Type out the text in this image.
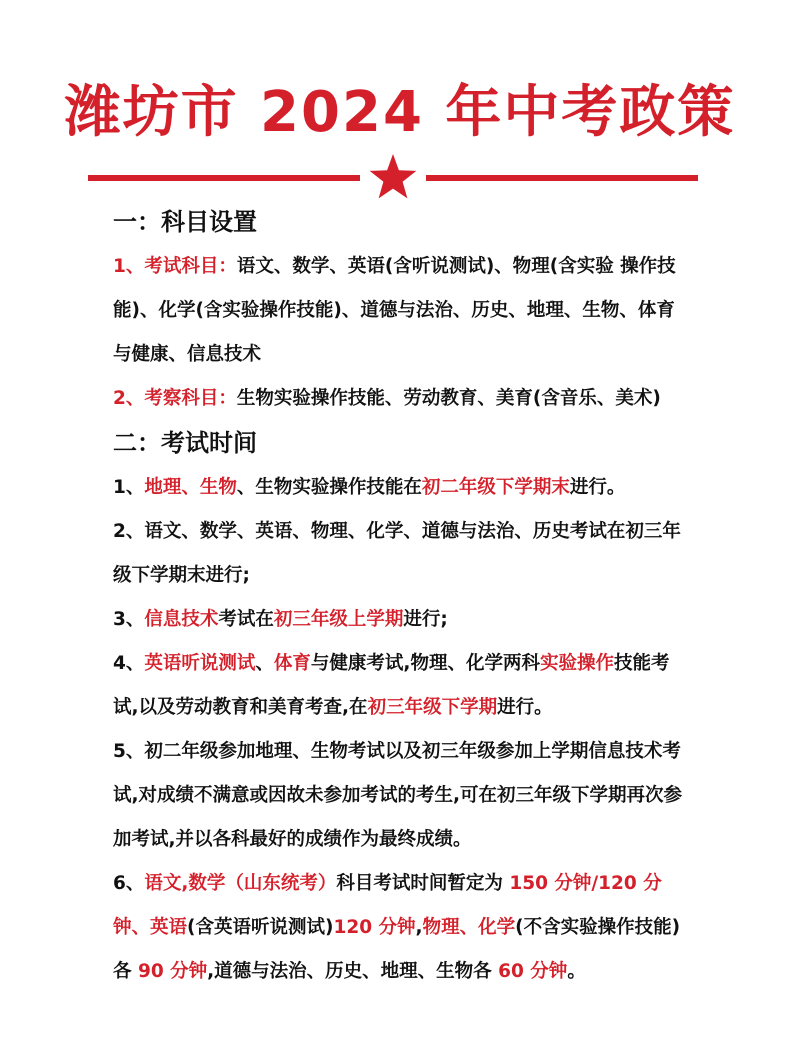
潍坊市 2024 年中考政策
一：科目设置

1、考试科目：语文、数学、英语(含听说测试)、物理(含实验 操作技能)、化学(含实验操作技能)、道德与法治、历史、地理、生物、体育与健康、信息技术

2、考察科目：生物实验操作技能、劳动教育、美育(含音乐、美术)

二：考试时间

1、地理、生物、生物实验操作技能在初二年级下学期末进行。

2、语文、数学、英语、物理、化学、道德与法治、历史考试在初三年级下学期末进行;

3、信息技术考试在初三年级上学期进行;

4、英语听说测试、体育与健康考试,物理、化学两科实验操作技能考试,以及劳动教育和美育考查,在初三年级下学期进行。

5、初二年级参加地理、生物考试以及初三年级参加上学期信息技术考试,对成绩不满意或因故未参加考试的考生,可在初三年级下学期再次参加考试,并以各科最好的成绩作为最终成绩。

6、语文,数学（山东统考）科目考试时间暂定为 150 分钟/120 分钟、英语(含英语听说测试)120 分钟,物理、化学(不含实验操作技能)各 90 分钟,道德与法治、历史、地理、生物各 60 分钟。
